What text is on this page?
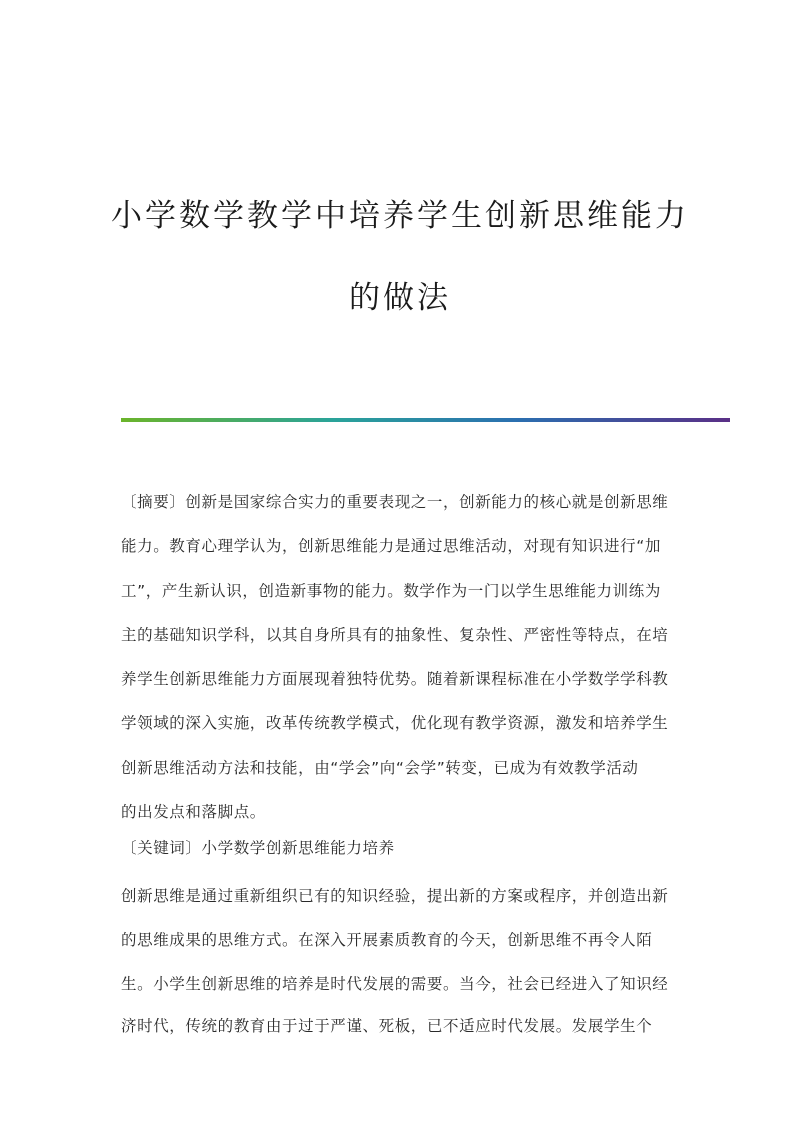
小学数学教学中培养学生创新思维能力
的做法
〔摘要〕创新是国家综合实力的重要表现之一，创新能力的核心就是创新思维
能力。教育心理学认为，创新思维能力是通过思维活动，对现有知识进行“加
工”，产生新认识，创造新事物的能力。数学作为一门以学生思维能力训练为
主的基础知识学科，以其自身所具有的抽象性、复杂性、严密性等特点，在培
养学生创新思维能力方面展现着独特优势。随着新课程标准在小学数学学科教
学领域的深入实施，改革传统教学模式，优化现有教学资源，激发和培养学生
创新思维活动方法和技能，由“学会”向“会学”转变，已成为有效教学活动
的出发点和落脚点。
〔关键词〕小学数学创新思维能力培养
创新思维是通过重新组织已有的知识经验，提出新的方案或程序，并创造出新
的思维成果的思维方式。在深入开展素质教育的今天，创新思维不再令人陌
生。小学生创新思维的培养是时代发展的需要。当今，社会已经进入了知识经
济时代，传统的教育由于过于严谨、死板，已不适应时代发展。发展学生个
